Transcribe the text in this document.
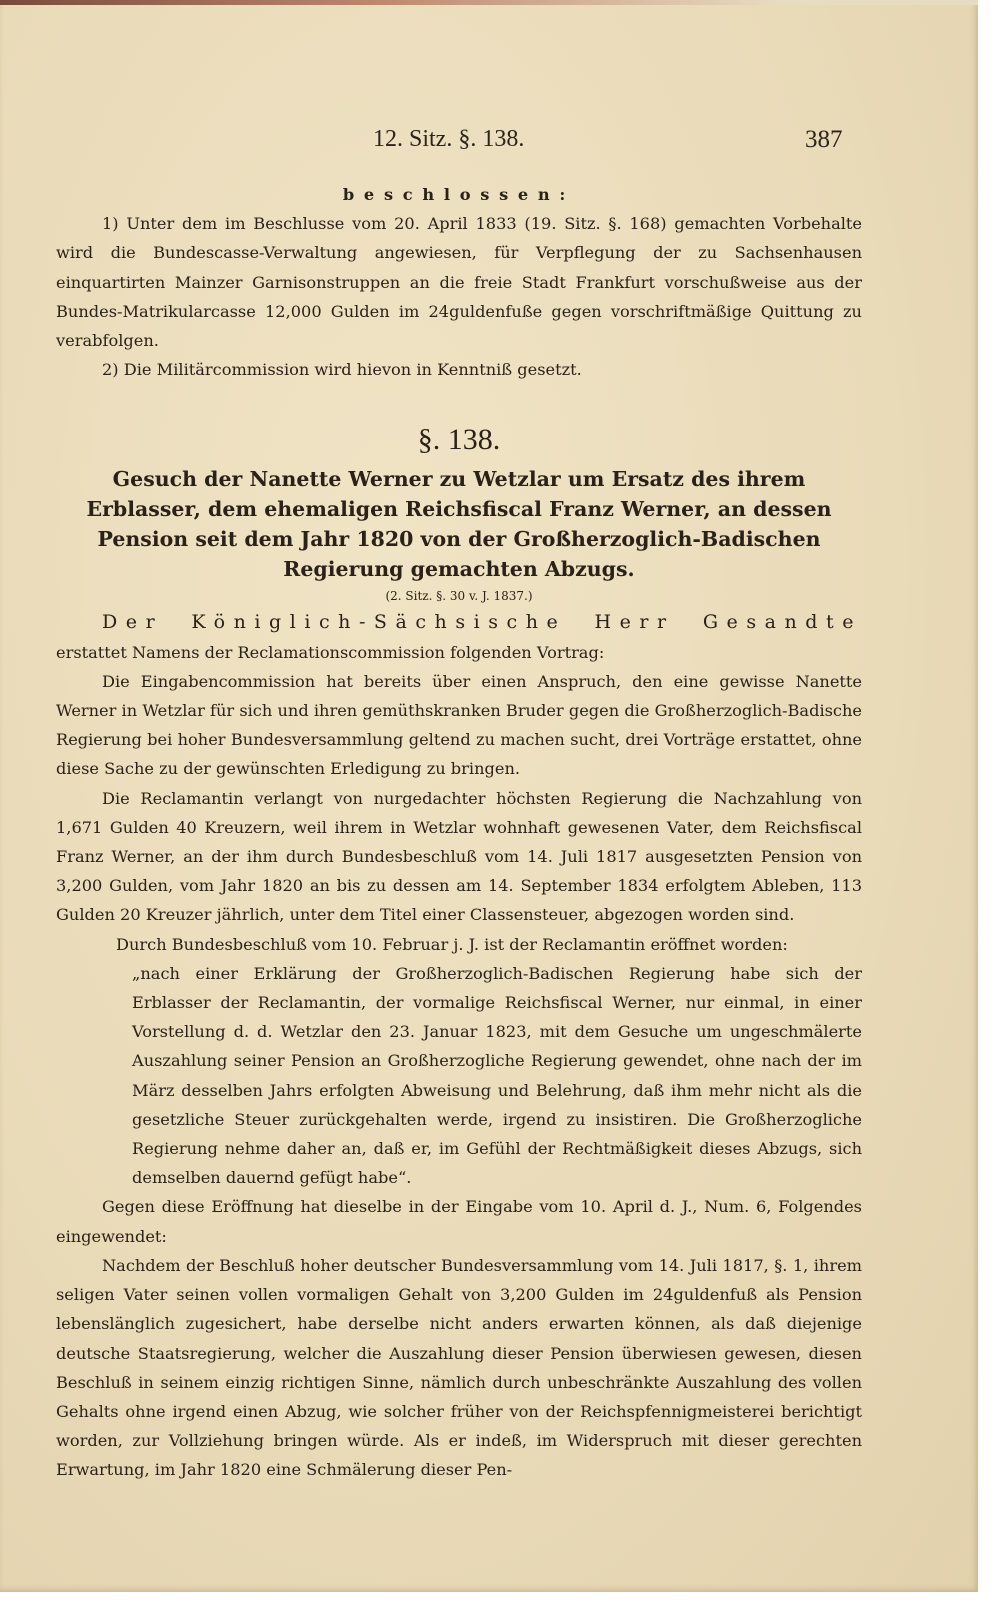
12. Sitz. §. 138.	387

beschlossen:

1) Unter dem im Beschlusse vom 20. April 1833 (19. Sitz. §. 168) gemachten Vorbehalte wird die Bundescasse-Verwaltung angewiesen, für Verpflegung der zu Sachsenhausen einquartirten Mainzer Garnisonstruppen an die freie Stadt Frankfurt vorschußweise aus der Bundes-Matrikularcasse 12,000 Gulden im 24guldenfuße gegen vorschriftmäßige Quittung zu verabfolgen.

2) Die Militärcommission wird hievon in Kenntniß gesetzt.

§. 138.

Gesuch der Nanette Werner zu Wetzlar um Ersatz des ihrem Erblasser, dem ehemaligen Reichsfiscal Franz Werner, an dessen Pension seit dem Jahr 1820 von der Großherzoglich-Badischen Regierung gemachten Abzugs.

(2. Sitz. §. 30 v. J. 1837.)

Der Königlich-Sächsische Herr Gesandte erstattet Namens der Reclamationscommission folgenden Vortrag:

Die Eingabencommission hat bereits über einen Anspruch, den eine gewisse Nanette Werner in Wetzlar für sich und ihren gemüthskranken Bruder gegen die Großherzoglich-Badische Regierung bei hoher Bundesversammlung geltend zu machen sucht, drei Vorträge erstattet, ohne diese Sache zu der gewünschten Erledigung zu bringen.

Die Reclamantin verlangt von nurgedachter höchsten Regierung die Nachzahlung von 1,671 Gulden 40 Kreuzern, weil ihrem in Wetzlar wohnhaft gewesenen Vater, dem Reichsfiscal Franz Werner, an der ihm durch Bundesbeschluß vom 14. Juli 1817 ausgesetzten Pension von 3,200 Gulden, vom Jahr 1820 an bis zu dessen am 14. September 1834 erfolgtem Ableben, 113 Gulden 20 Kreuzer jährlich, unter dem Titel einer Classensteuer, abgezogen worden sind.

Durch Bundesbeschluß vom 10. Februar j. J. ist der Reclamantin eröffnet worden:

„nach einer Erklärung der Großherzoglich-Badischen Regierung habe sich der Erblasser der Reclamantin, der vormalige Reichsfiscal Werner, nur einmal, in einer Vorstellung d. d. Wetzlar den 23. Januar 1823, mit dem Gesuche um ungeschmälerte Auszahlung seiner Pension an Großherzogliche Regierung gewendet, ohne nach der im März desselben Jahrs erfolgten Abweisung und Belehrung, daß ihm mehr nicht als die gesetzliche Steuer zurückgehalten werde, irgend zu insistiren. Die Großherzogliche Regierung nehme daher an, daß er, im Gefühl der Rechtmäßigkeit dieses Abzugs, sich demselben dauernd gefügt habe“.

Gegen diese Eröffnung hat dieselbe in der Eingabe vom 10. April d. J., Num. 6, Folgendes eingewendet:

Nachdem der Beschluß hoher deutscher Bundesversammlung vom 14. Juli 1817, §. 1, ihrem seligen Vater seinen vollen vormaligen Gehalt von 3,200 Gulden im 24guldenfuß als Pension lebenslänglich zugesichert, habe derselbe nicht anders erwarten können, als daß diejenige deutsche Staatsregierung, welcher die Auszahlung dieser Pension überwiesen gewesen, diesen Beschluß in seinem einzig richtigen Sinne, nämlich durch unbeschränkte Auszahlung des vollen Gehalts ohne irgend einen Abzug, wie solcher früher von der Reichspfennigmeisterei berichtigt worden, zur Vollziehung bringen würde. Als er indeß, im Widerspruch mit dieser gerechten Erwartung, im Jahr 1820 eine Schmälerung dieser Pen-
